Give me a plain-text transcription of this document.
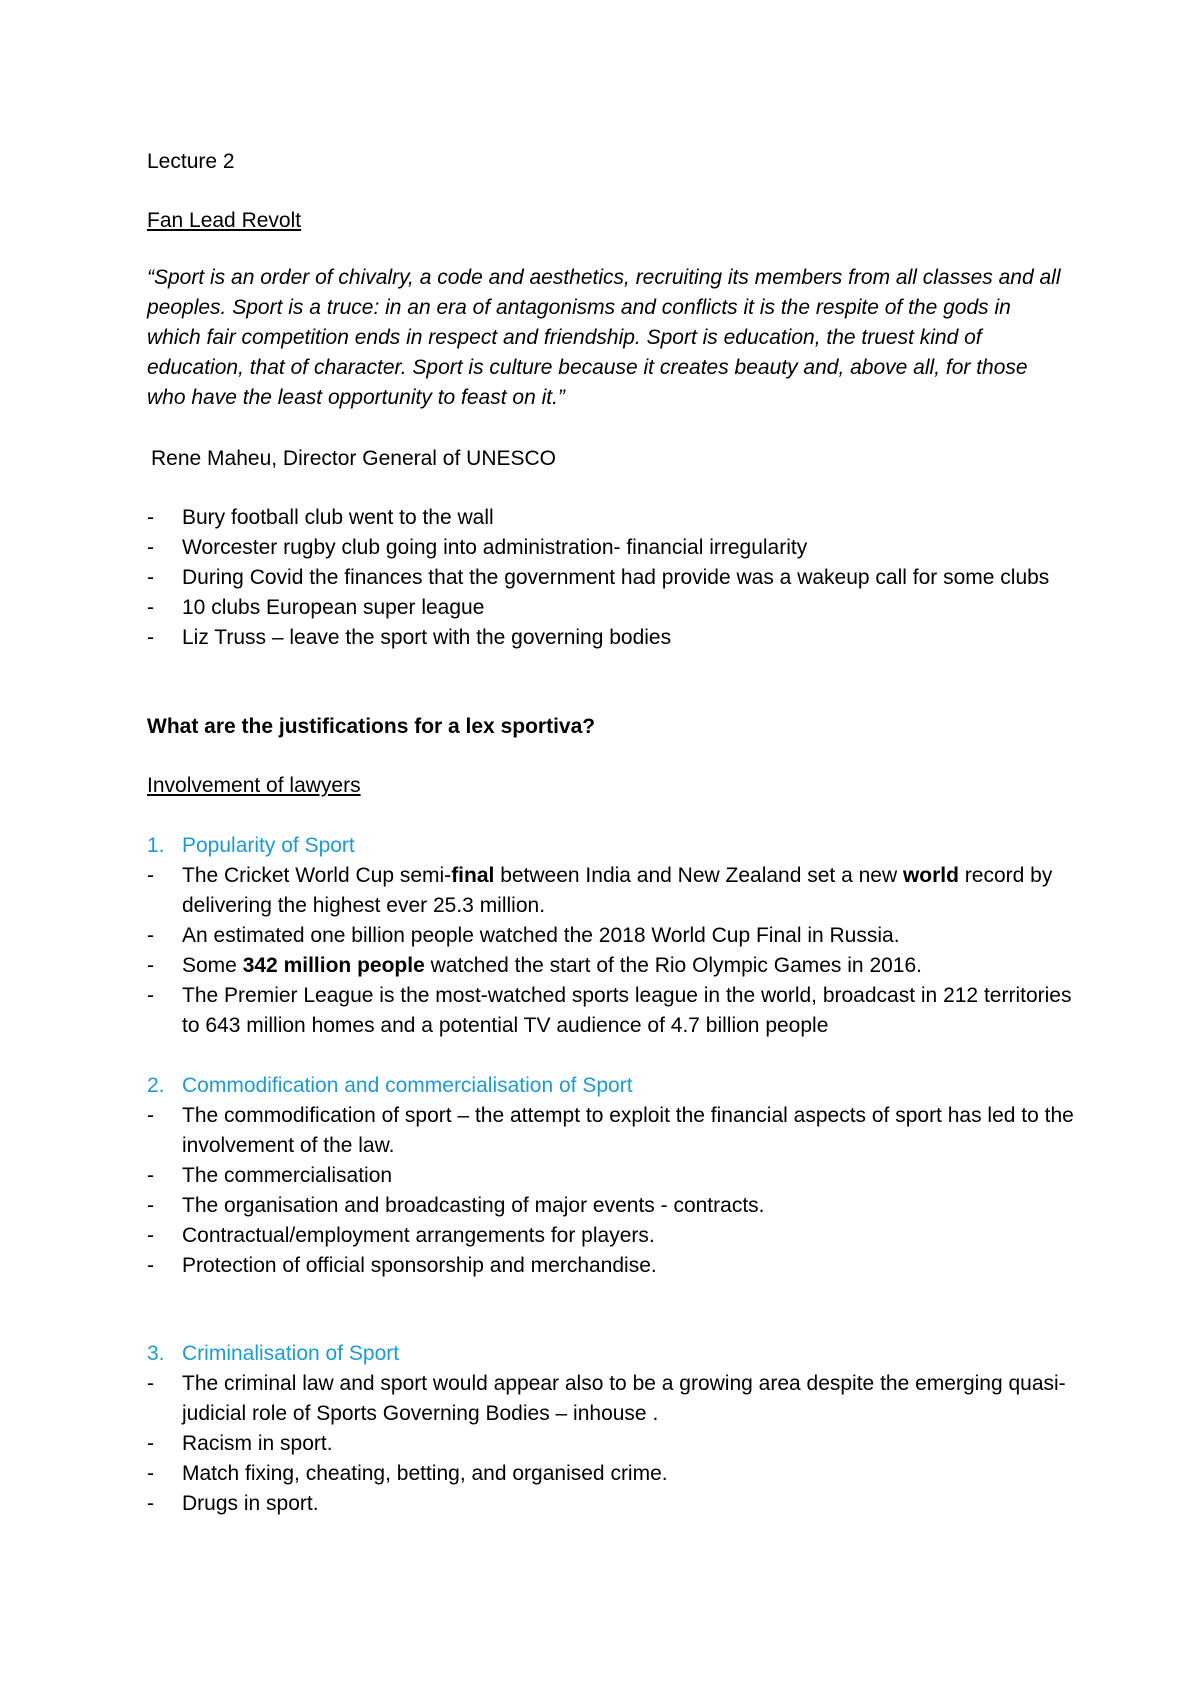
Lecture 2
Fan Lead Revolt
“Sport is an order of chivalry, a code and aesthetics, recruiting its members from all classes and all peoples. Sport is a truce: in an era of antagonisms and conflicts it is the respite of the gods in which fair competition ends in respect and friendship. Sport is education, the truest kind of education, that of character. Sport is culture because it creates beauty and, above all, for those who have the least opportunity to feast on it.”
Rene Maheu, Director General of UNESCO
- Bury football club went to the wall
- Worcester rugby club going into administration- financial irregularity
- During Covid the finances that the government had provide was a wakeup call for some clubs
- 10 clubs European super league
- Liz Truss – leave the sport with the governing bodies
What are the justifications for a lex sportiva?
Involvement of lawyers
1. Popularity of Sport
- The Cricket World Cup semi-final between India and New Zealand set a new world record by delivering the highest ever 25.3 million.
- An estimated one billion people watched the 2018 World Cup Final in Russia.
- Some 342 million people watched the start of the Rio Olympic Games in 2016.
- The Premier League is the most-watched sports league in the world, broadcast in 212 territories to 643 million homes and a potential TV audience of 4.7 billion people
2. Commodification and commercialisation of Sport
- The commodification of sport – the attempt to exploit the financial aspects of sport has led to the involvement of the law.
- The commercialisation
- The organisation and broadcasting of major events - contracts.
- Contractual/employment arrangements for players.
- Protection of official sponsorship and merchandise.
3. Criminalisation of Sport
- The criminal law and sport would appear also to be a growing area despite the emerging quasi-judicial role of Sports Governing Bodies – inhouse .
- Racism in sport.
- Match fixing, cheating, betting, and organised crime.
- Drugs in sport.
